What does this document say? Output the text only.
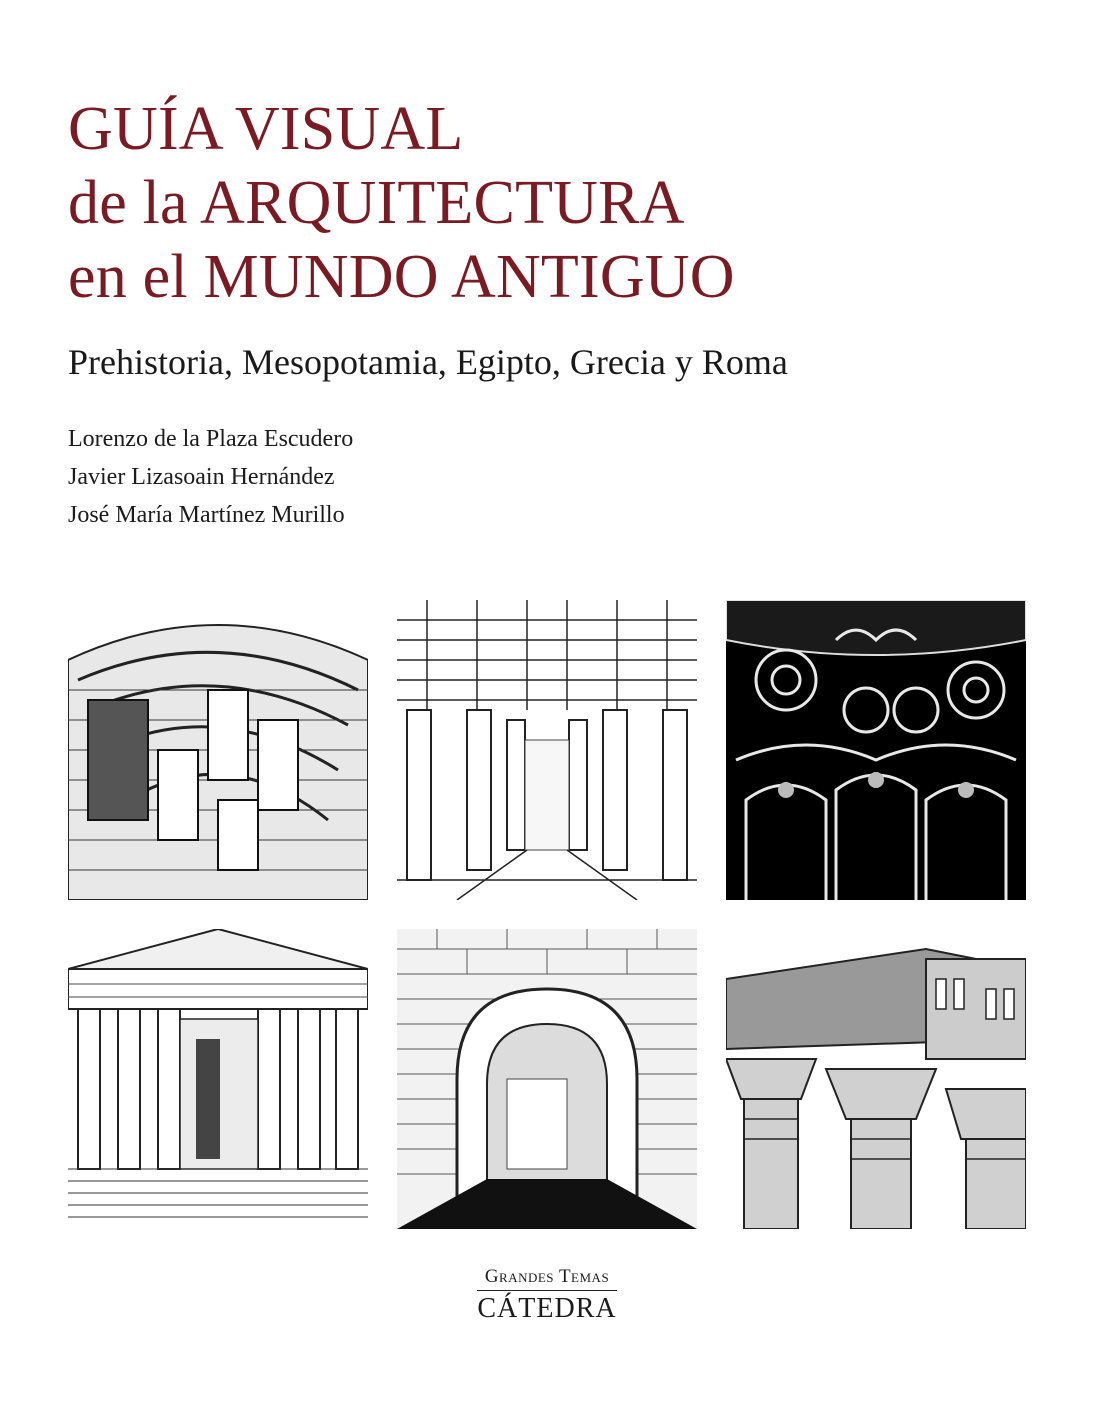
GUÍA VISUAL
de la ARQUITECTURA
en el MUNDO ANTIGUO
Prehistoria, Mesopotamia, Egipto, Grecia y Roma
Lorenzo de la Plaza Escudero
Javier Lizasoain Hernández
José María Martínez Murillo
Grandes Temas
CÁTEDRA
